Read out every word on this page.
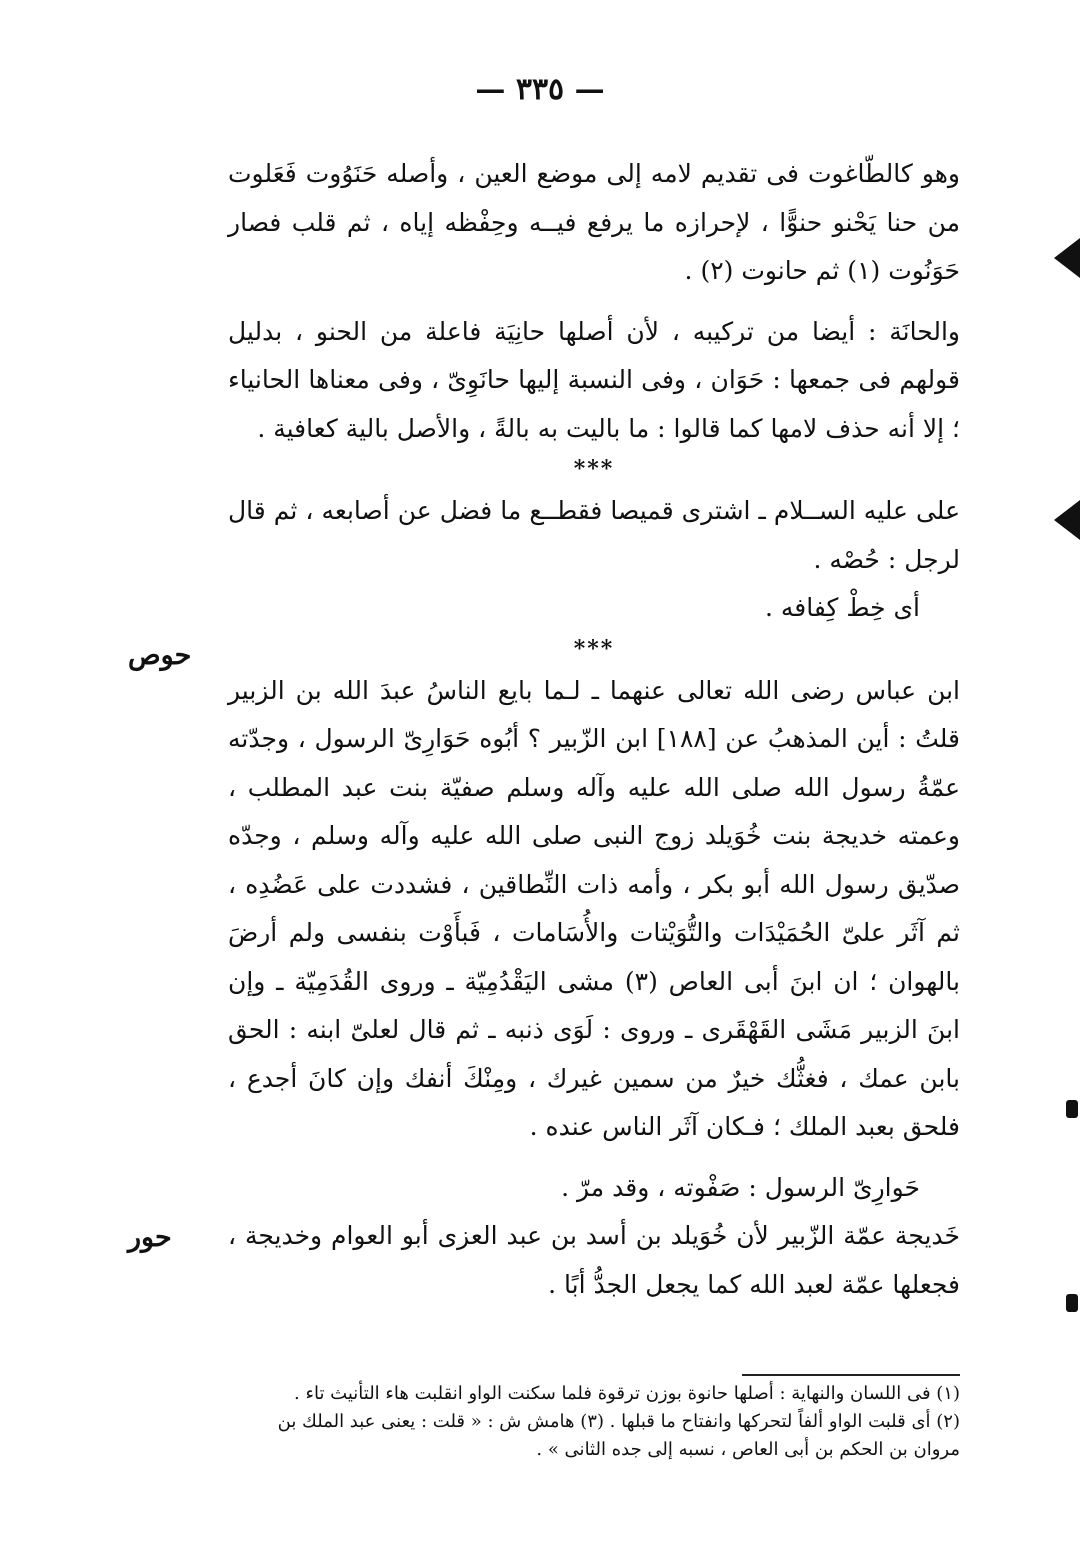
— ٣٣٥ —

وهو كالطّاغوت فى تقديم لامه إلى موضع العين ، وأصله حَنَوُوت فَعَلوت من حنا يَحْنو حنوًّا ، لإحرازه ما يرفع فيــه وحِفْظه إياه ، ثم قلب فصار حَوَنُوت (١) ثم حانوت (٢) .

والحانَة : أيضا من تركيبه ، لأن أصلها حانِيَة فاعلة من الحنو ، بدليل قولهم فى جمعها : حَوَان ، وفى النسبة إليها حانَوِىّ ، وفى معناها الحانياء ؛ إلا أنه حذف لامها كما قالوا : ما باليت به بالةً ، والأصل بالية كعافية .

***

على عليه الســلام ـ اشترى قميصا فقطــع ما فضل عن أصابعه ، ثم قال لرجل : حُصْه .

أى خِطْ كِفافه .

***

ابن عباس رضى الله تعالى عنهما ـ لـما بايع الناسُ عبدَ الله بن الزبير قلتُ : أين المذهبُ عن [١٨٨] ابن الزّبير ؟ أبُوه حَوَارِىّ الرسول ، وجدّته عمّةُ رسول الله صلى الله عليه وآله وسلم صفيّة بنت عبد المطلب ، وعمته خديجة بنت خُوَيلد زوج النبى صلى الله عليه وآله وسلم ، وجدّه صدّيق رسول الله أبو بكر ، وأمه ذات النِّطاقين ، فشددت على عَضُدِه ، ثم آثَر علىّ الحُمَيْدَات والتُّوَيْتات والأُسَامات ، فَبأَوْت بنفسى ولم أرضَ بالهوان ؛ ان ابنَ أبى العاص (٣) مشى اليَقْدُمِيّة ـ وروى القُدَمِيّة ـ وإن ابنَ الزبير مَشَى القَهْقَرى ـ وروى : لَوَى ذنبه ـ ثم قال لعلىّ ابنه : الحق بابن عمك ، فغثُّك خيرٌ من سمين غيرك ، ومِنْكَ أنفك وإن كانَ أجدع ، فلحق بعبد الملك ؛ فـكان آثَر الناس عنده .

حَوارِىّ الرسول : صَفْوته ، وقد مرّ .

خَديجة عمّة الزّبير لأن خُوَيلد بن أسد بن عبد العزى أبو العوام وخديجة ، فجعلها عمّة لعبد الله كما يجعل الجدُّ أبًا .

حوص
حور

(١) فى اللسان والنهاية : أصلها حانوة بوزن ترقوة فلما سكنت الواو انقلبت هاء التأنيث تاء .

(٢) أى قلبت الواو ألفاً لتحركها وانفتاح ما قبلها . (٣) هامش ش : « قلت : يعنى عبد الملك بن

مروان بن الحكم بن أبى العاص ، نسبه إلى جده الثانى » .
